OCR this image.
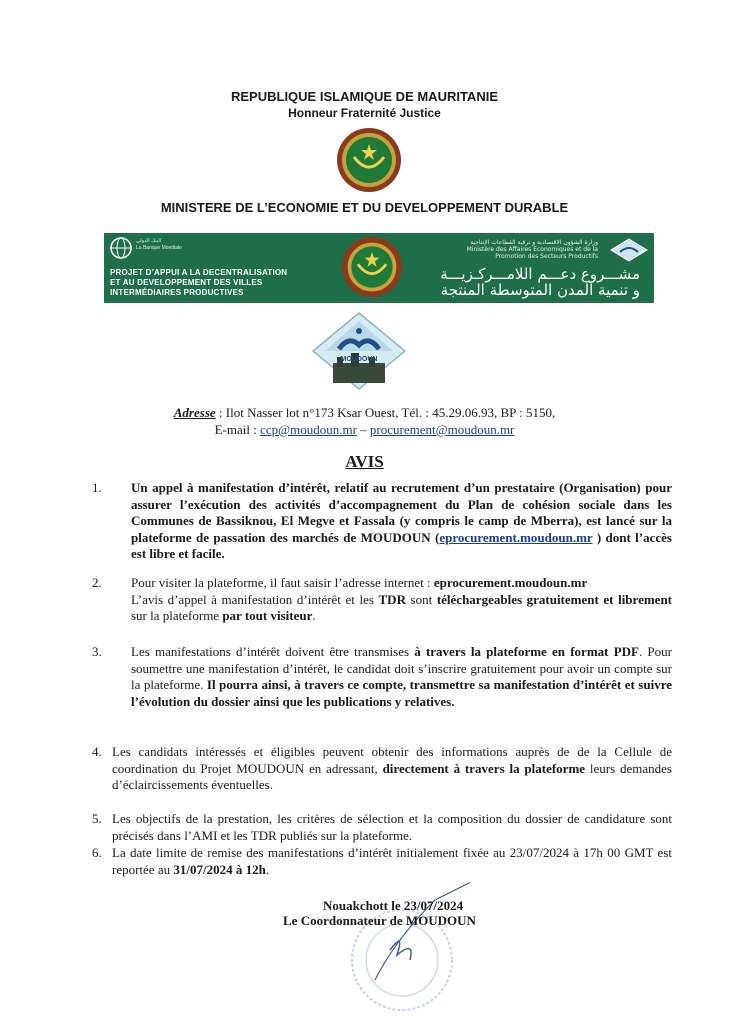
REPUBLIQUE ISLAMIQUE DE MAURITANIE
Honneur Fraternité Justice
MINISTERE DE L’ECONOMIE ET DU DEVELOPPEMENT DURABLE
البنك الدولي
La Banque Mondiale
PROJET D’APPUI A LA DECENTRALISATION
ET AU DEVELOPPEMENT DES VILLES
INTERMÉDIAIRES PRODUCTIVES
وزارة الشؤون الاقتصادية و ترقية القطاعات الإنتاجية
Ministère des Affaires Economiques et de la
Promotion des Secteurs Productifs
مشـــروع دعـــم اللامـــركـزيـــة
و تنمية المدن المتوسطة المنتجة
MOUDOUN
Adresse : Ilot Nasser lot n°173 Ksar Ouest, Tél. : 45.29.06.93, BP : 5150,
E-mail : ccp@moudoun.mr – procurement@moudoun.mr
AVIS
1.	Un appel à manifestation d’intérêt, relatif au recrutement d’un prestataire (Organisation) pour assurer l’exécution des activités d’accompagnement du Plan de cohésion sociale dans les Communes de Bassiknou, El Megve et Fassala (y compris le camp de Mberra), est lancé sur la plateforme de passation des marchés de MOUDOUN (eprocurement.moudoun.mr ) dont l’accès est libre et facile.
2.	Pour visiter la plateforme, il faut saisir l’adresse internet : eprocurement.moudoun.mr
L’avis d’appel à manifestation d’intérêt et les TDR sont téléchargeables gratuitement et librement sur la plateforme par tout visiteur.
3.	Les manifestations d’intérêt doivent être transmises à travers la plateforme en format PDF. Pour soumettre une manifestation d’intérêt, le candidat doit s’inscrire gratuitement pour avoir un compte sur la plateforme. Il pourra ainsi, à travers ce compte, transmettre sa manifestation d’intérêt et suivre l’évolution du dossier ainsi que les publications y relatives.
4. Les candidats intéressés et éligibles peuvent obtenir des informations auprès de de la Cellule de coordination du Projet MOUDOUN en adressant, directement à travers la plateforme leurs demandes d’éclaircissements éventuelles.
5. Les objectifs de la prestation, les critères de sélection et la composition du dossier de candidature sont précisés dans l’AMI et les TDR publiés sur la plateforme.
6. La date limite de remise des manifestations d’intérêt initialement fixée au 23/07/2024 à 17h 00 GMT est reportée au 31/07/2024 à 12h.
Nouakchott le 23/07/2024
Le Coordonnateur de MOUDOUN
